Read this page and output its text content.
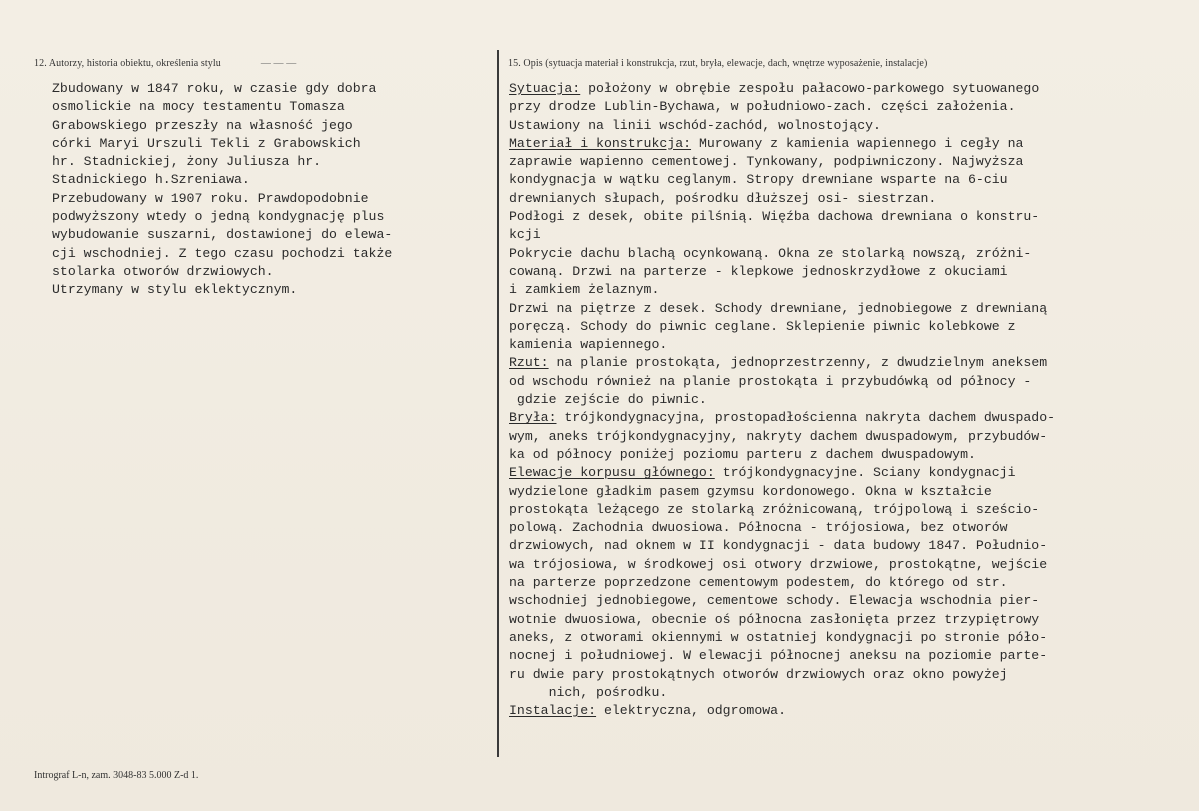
12. Autorzy, historia obiektu, określenia stylu	— — —	15. Opis (sytuacja materiał i konstrukcja, rzut, bryła, elewacje, dach, wnętrze wyposażenie, instalacje)
Zbudowany w 1847 roku, w czasie gdy dobra
osmolickie na mocy testamentu Tomasza
Grabowskiego przeszły na własność jego
córki Maryi Urszuli Tekli z Grabowskich
hr. Stadnickiej, żony Juliusza hr.
Stadnickiego h.Szreniawa.
Przebudowany w 1907 roku. Prawdopodobnie
podwyższony wtedy o jedną kondygnację plus
wybudowanie suszarni, dostawionej do elewa-
cji wschodniej. Z tego czasu pochodzi także
stolarka otworów drzwiowych.
Utrzymany w stylu eklektycznym.
Sytuacja: położony w obrębie zespołu pałacowo-parkowego sytuowanego
przy drodze Lublin-Bychawa, w południowo-zach. części założenia.
Ustawiony na linii wschód-zachód, wolnostojący.
Materiał i konstrukcja: Murowany z kamienia wapiennego i cegły na
zaprawie wapienno cementowej. Tynkowany, podpiwniczony. Najwyższa
kondygnacja w wątku ceglanym. Stropy drewniane wsparte na 6-ciu
drewnianych słupach, pośrodku dłuższej osi- siestrzan.
Podłogi z desek, obite pilśnią. Więźba dachowa drewniana o konstru-
kcji
Pokrycie dachu blachą ocynkowaną. Okna ze stolarką nowszą, zróżni-
cowaną. Drzwi na parterze - klepkowe jednoskrzydłowe z okuciami
i zamkiem żelaznym.
Drzwi na piętrze z desek. Schody drewniane, jednobiegowe z drewnianą
poręczą. Schody do piwnic ceglane. Sklepienie piwnic kolebkowe z
kamienia wapiennego.
Rzut: na planie prostokąta, jednoprzestrzenny, z dwudzielnym aneksem
od wschodu również na planie prostokąta i przybudówką od północy -
gdzie zejście do piwnic.
Bryła: trójkondygnacyjna, prostopadłościenna nakryta dachem dwuspado-
wym, aneks trójkondygnacyjny, nakryty dachem dwuspadowym, przybudów-
ka od północy poniżej poziomu parteru z dachem dwuspadowym.
Elewacje korpusu głównego: trójkondygnacyjne. Sciany kondygnacji
wydzielone gładkim pasem gzymsu kordonowego. Okna w kształcie
prostokąta leżącego ze stolarką zróżnicowaną, trójpolową i sześcio-
polową. Zachodnia dwuosiowa. Północna - trójosiowa, bez otworów
drzwiowych, nad oknem w II kondygnacji - data budowy 1847. Południo-
wa trójosiowa, w środkowej osi otwory drzwiowe, prostokątne, wejście
na parterze poprzedzone cementowym podestem, do którego od str.
wschodniej jednobiegowe, cementowe schody. Elewacja wschodnia pier-
wotnie dwuosiowa, obecnie oś północna zasłonięta przez trzypiętrowy
aneks, z otworami okiennymi w ostatniej kondygnacji po stronie póło-
nocnej i południowej. W elewacji północnej aneksu na poziomie parte-
ru dwie pary prostokątnych otworów drzwiowych oraz okno powyżej
nich, pośrodku.
Instalacje: elektryczna, odgromowa.
Intrograf L-n, zam. 3048-83 5.000 Z-d 1.
